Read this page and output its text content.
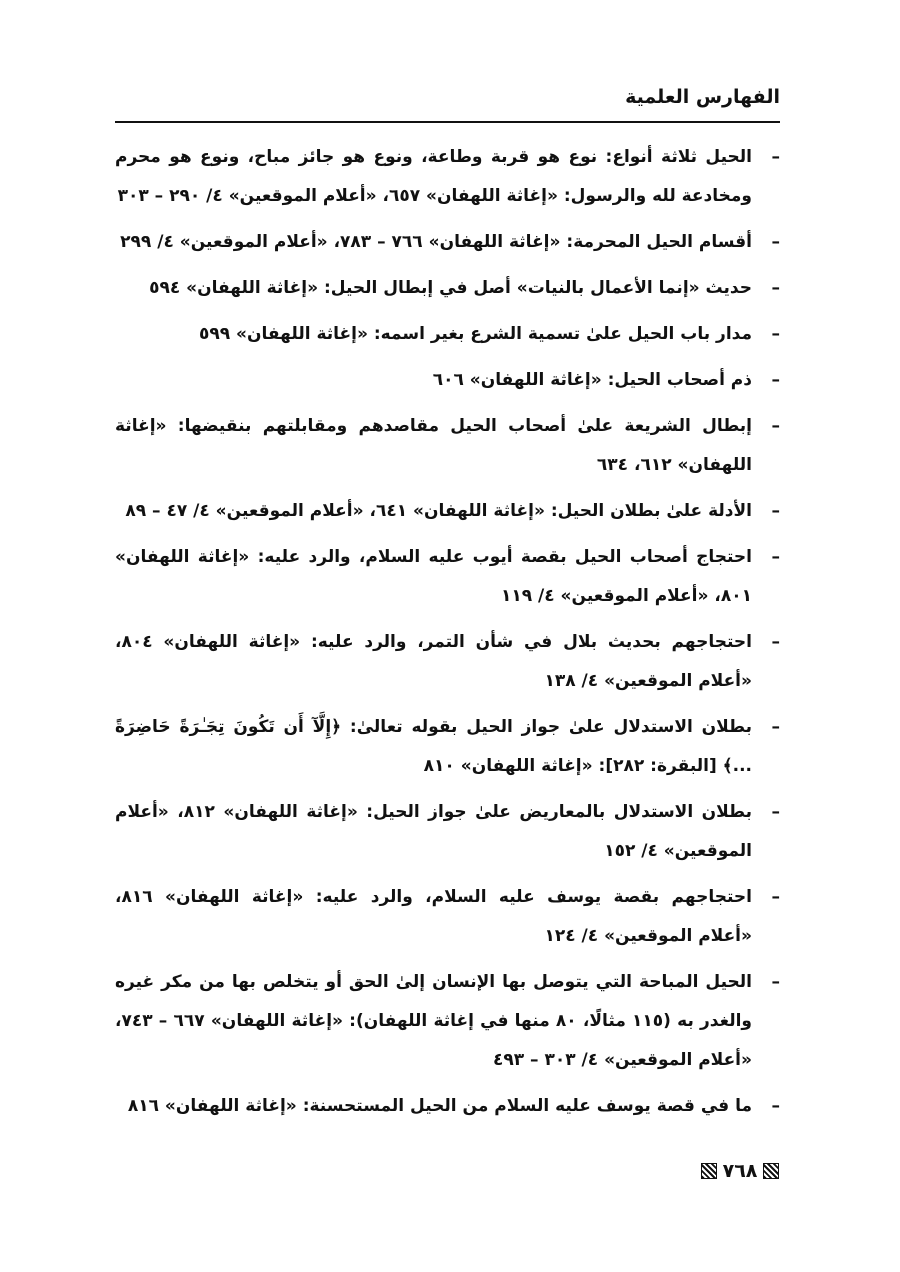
الفهارس العلمية
–
الحيل ثلاثة أنواع: نوع هو قربة وطاعة، ونوع هو جائز مباح، ونوع هو محرم ومخادعة لله والرسول: «إغاثة اللهفان» ٦٥٧، «أعلام الموقعين» ٤/ ٢٩٠ – ٣٠٣
–
أقسام الحيل المحرمة: «إغاثة اللهفان» ٧٦٦ – ٧٨٣، «أعلام الموقعين» ٤/ ٢٩٩
–
حديث «إنما الأعمال بالنيات» أصل في إبطال الحيل: «إغاثة اللهفان» ٥٩٤
–
مدار باب الحيل علىٰ تسمية الشرع بغير اسمه: «إغاثة اللهفان» ٥٩٩
–
ذم أصحاب الحيل: «إغاثة اللهفان» ٦٠٦
–
إبطال الشريعة علىٰ أصحاب الحيل مقاصدهم ومقابلتهم بنقيضها: «إغاثة اللهفان» ٦١٢، ٦٣٤
–
الأدلة علىٰ بطلان الحيل: «إغاثة اللهفان» ٦٤١، «أعلام الموقعين» ٤/ ٤٧ – ٨٩
–
احتجاج أصحاب الحيل بقصة أيوب عليه السلام، والرد عليه: «إغاثة اللهفان» ٨٠١، «أعلام الموقعين» ٤/ ١١٩
–
احتجاجهم بحديث بلال في شأن التمر، والرد عليه: «إغاثة اللهفان» ٨٠٤، «أعلام الموقعين» ٤/ ١٣٨
–
بطلان الاستدلال علىٰ جواز الحيل بقوله تعالىٰ: ﴿إِلَّآ أَن تَكُونَ تِجَـٰرَةً حَاضِرَةً ...﴾ [البقرة: ٢٨٢]: «إغاثة اللهفان» ٨١٠
–
بطلان الاستدلال بالمعاريض علىٰ جواز الحيل: «إغاثة اللهفان» ٨١٢، «أعلام الموقعين» ٤/ ١٥٢
–
احتجاجهم بقصة يوسف عليه السلام، والرد عليه: «إغاثة اللهفان» ٨١٦، «أعلام الموقعين» ٤/ ١٢٤
–
الحيل المباحة التي يتوصل بها الإنسان إلىٰ الحق أو يتخلص بها من مكر غيره والغدر به (١١٥ مثالًا، ٨٠ منها في إغاثة اللهفان): «إغاثة اللهفان» ٦٦٧ – ٧٤٣، «أعلام الموقعين» ٤/ ٣٠٣ – ٤٩٣
–
ما في قصة يوسف عليه السلام من الحيل المستحسنة: «إغاثة اللهفان» ٨١٦
٧٦٨
